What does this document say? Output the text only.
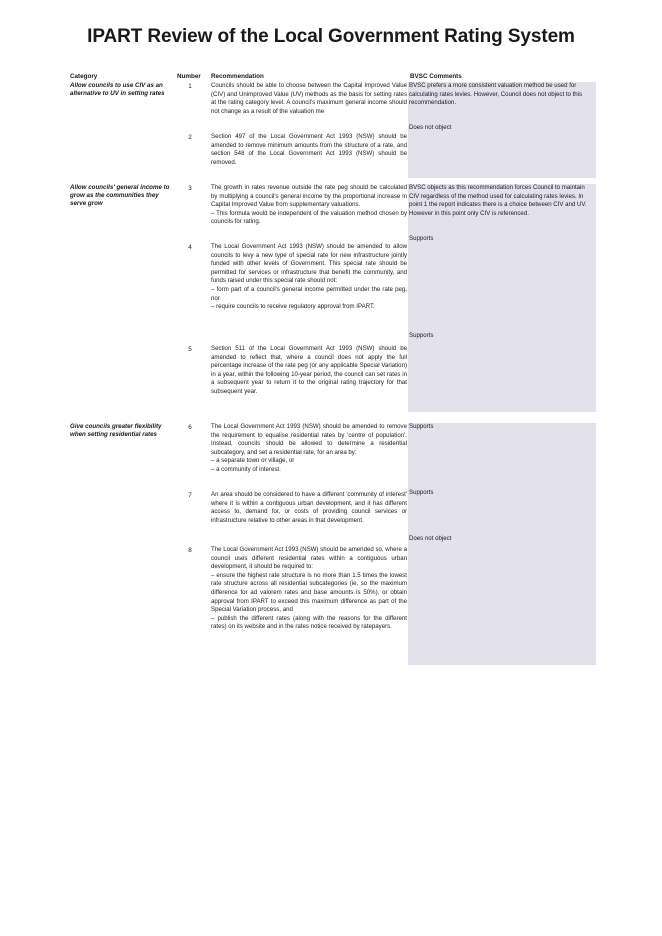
IPART Review of the Local Government Rating System
Category	Number Recommendation	BVSC Comments
BVSC prefers a more consistent valuation method be used for calculating rates levies. However, Council does not object to this recommendation.
Does not object
BVSC objects as this recommendation forces Council to maintain CIV regardless of the method used for calculating rates levies. In point 1 the report indicates there is a choice between CIV and UV. However in this point only CIV is referenced.
Supports
Supports
Supports
Supports
Does not object
Allow councils to use CIV as an alternative to UV in setting rates
Allow councils' general income to grow as the communities they serve grow
Give councils greater flexibility when setting residential rates
1
2
3
4
5
6
7
8

Councils should be able to choose between the Capital Improved Value (CIV) and Unimproved Value (UV) methods as the basis for setting rates at the rating category level. A council's maximum general income should not change as a result of the valuation me

Section 497 of the Local Government Act 1993 (NSW) should be amended to remove minimum amounts from the structure of a rate, and section 548 of the Local Government Act 1993 (NSW) should be removed.

The growth in rates revenue outside the rate peg should be calculated by multiplying a council's general income by the proportional increase in Capital Improved Value from supplementary valuations.

– This formula would be independent of the valuation method chosen by councils for rating.

The Local Government Act 1993 (NSW) should be amended to allow councils to levy a new type of special rate for new infrastructure jointly funded with other levels of Government. This special rate should be permitted for services or infrastructure that benefit the community, and funds raised under this special rate should not:

– form part of a council's general income permitted under the rate peg, nor

– require councils to receive regulatory approval from IPART.

Section 511 of the Local Government Act 1993 (NSW) should be amended to reflect that, where a council does not apply the full percentage increase of the rate peg (or any applicable Special Variation) in a year, within the following 10-year period, the council can set rates in a subsequent year to return it to the original rating trajectory for that subsequent year.

The Local Government Act 1993 (NSW) should be amended to remove the requirement to equalise residential rates by 'centre of population'. Instead, councils should be allowed to determine a residential subcategory, and set a residential rate, for an area by:

– a separate town or village, or

– a community of interest.

An area should be considered to have a different 'community of interest' where it is within a contiguous urban development, and it has different access to, demand for, or costs of providing council services or infrastructure relative to other areas in that development.

The Local Government Act 1993 (NSW) should be amended so, where a council uses different residential rates within a contiguous urban development, it should be required to:

– ensure the highest rate structure is no more than 1.5 times the lowest rate structure across all residential subcategories (ie, so the maximum difference for ad valorem rates and base amounts is 50%), or obtain approval from IPART to exceed this maximum difference as part of the Special Variation process, and

– publish the different rates (along with the reasons for the different rates) on its website and in the rates notice received by ratepayers.
